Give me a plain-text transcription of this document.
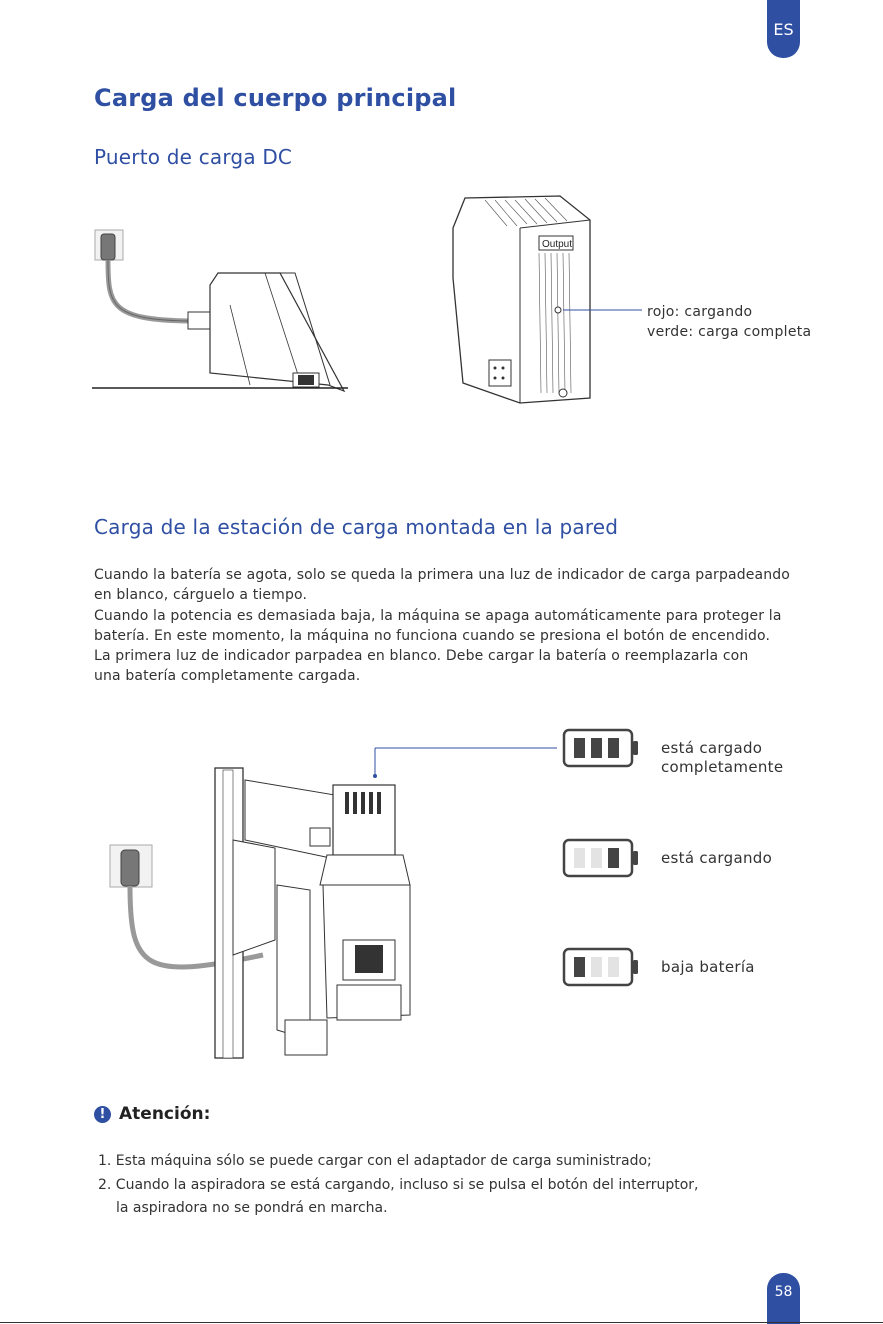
ES
Carga del cuerpo principal
Puerto de carga DC
Output
rojo: cargando
verde: carga completa
Carga de la estación de carga montada en la pared

Cuando la batería se agota, solo se queda la primera una luz de indicador de carga parpadeando

en blanco, cárguelo a tiempo.

Cuando la potencia es demasiada baja, la máquina se apaga automáticamente para proteger la

batería. En este momento, la máquina no funciona cuando se presiona el botón de encendido.

La primera luz de indicador parpadea en blanco. Debe cargar la batería o reemplazarla con

una batería completamente cargada.

está cargado
completamente
está cargando
baja batería
! Atención:
1. Esta máquina sólo se puede cargar con el adaptador de carga suministrado;
2. Cuando la aspiradora se está cargando, incluso si se pulsa el botón del interruptor,
la aspiradora no se pondrá en marcha.
58
